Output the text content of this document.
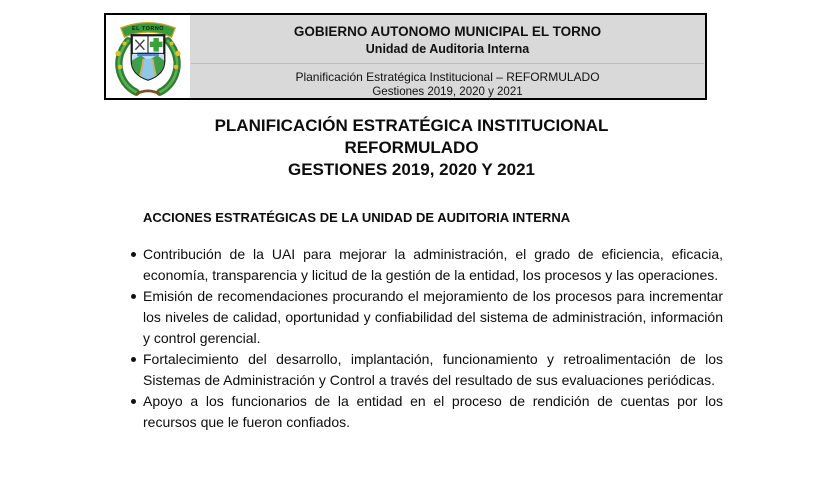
EL TORNO	GOBIERNO AUTONOMO MUNICIPAL EL TORNO
Unidad de Auditoria Interna
Planificación Estratégica Institucional – REFORMULADO
Gestiones 2019, 2020 y 2021
PLANIFICACIÓN ESTRATÉGICA INSTITUCIONAL
REFORMULADO
GESTIONES 2019, 2020 Y 2021
ACCIONES ESTRATÉGICAS DE LA UNIDAD DE AUDITORIA INTERNA
Contribución de la UAI para mejorar la administración, el grado de eficiencia, eficacia, economía, transparencia y licitud de la gestión de la entidad, los procesos y las operaciones.
Emisión de recomendaciones procurando el mejoramiento de los procesos para incrementar los niveles de calidad, oportunidad y confiabilidad del sistema de administración, información y control gerencial.
Fortalecimiento del desarrollo, implantación, funcionamiento y retroalimentación de los Sistemas de Administración y Control a través del resultado de sus evaluaciones periódicas.
Apoyo a los funcionarios de la entidad en el proceso de rendición de cuentas por los recursos que le fueron confiados.
